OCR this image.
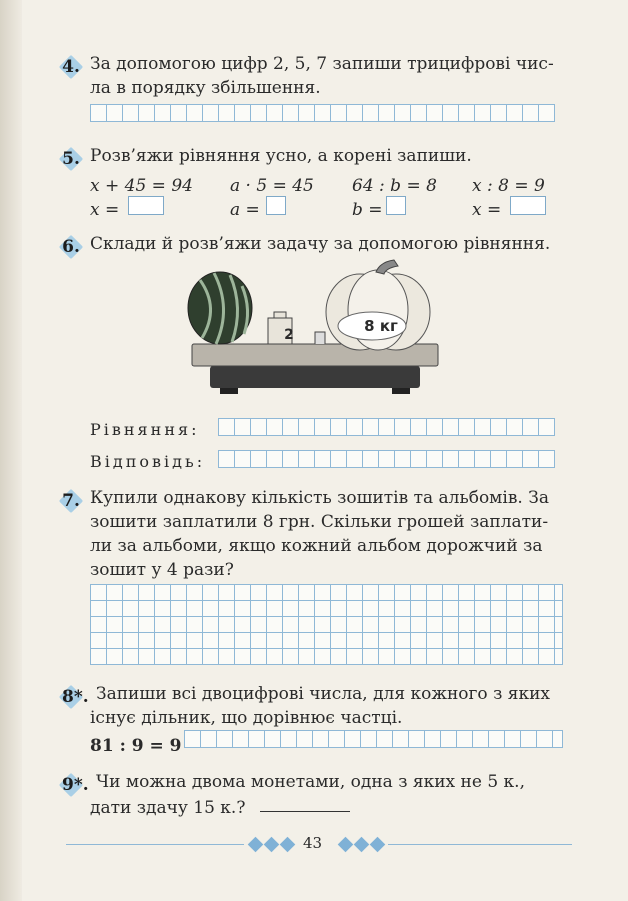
4. За допомогою цифр 2, 5, 7 запиши трицифрові чис-
ла в порядку збільшення.
5. Розв’яжи рівняння усно, а корені запиши.
x + 45 = 94
x =
a · 5 = 45
a =
64 : b = 8
b =
x : 8 = 9
x =
6. Склади й розв’яжи задачу за допомогою рівняння.
2	8 кг
Рівняння:
Відповідь:
7. Купили однакову кількість зошитів та альбомів. За
зошити заплатили 8 грн. Скільки грошей заплати-
ли за альбоми, якщо кожний альбом дорожчий за
зошит у 4 рази?
8*. Запиши всі двоцифрові числа, для кожного з яких
існує дільник, що дорівнює частці.
81 : 9 = 9
9*. Чи можна двома монетами, одна з яких не 5 к.,
дати здачу 15 к.?
43
